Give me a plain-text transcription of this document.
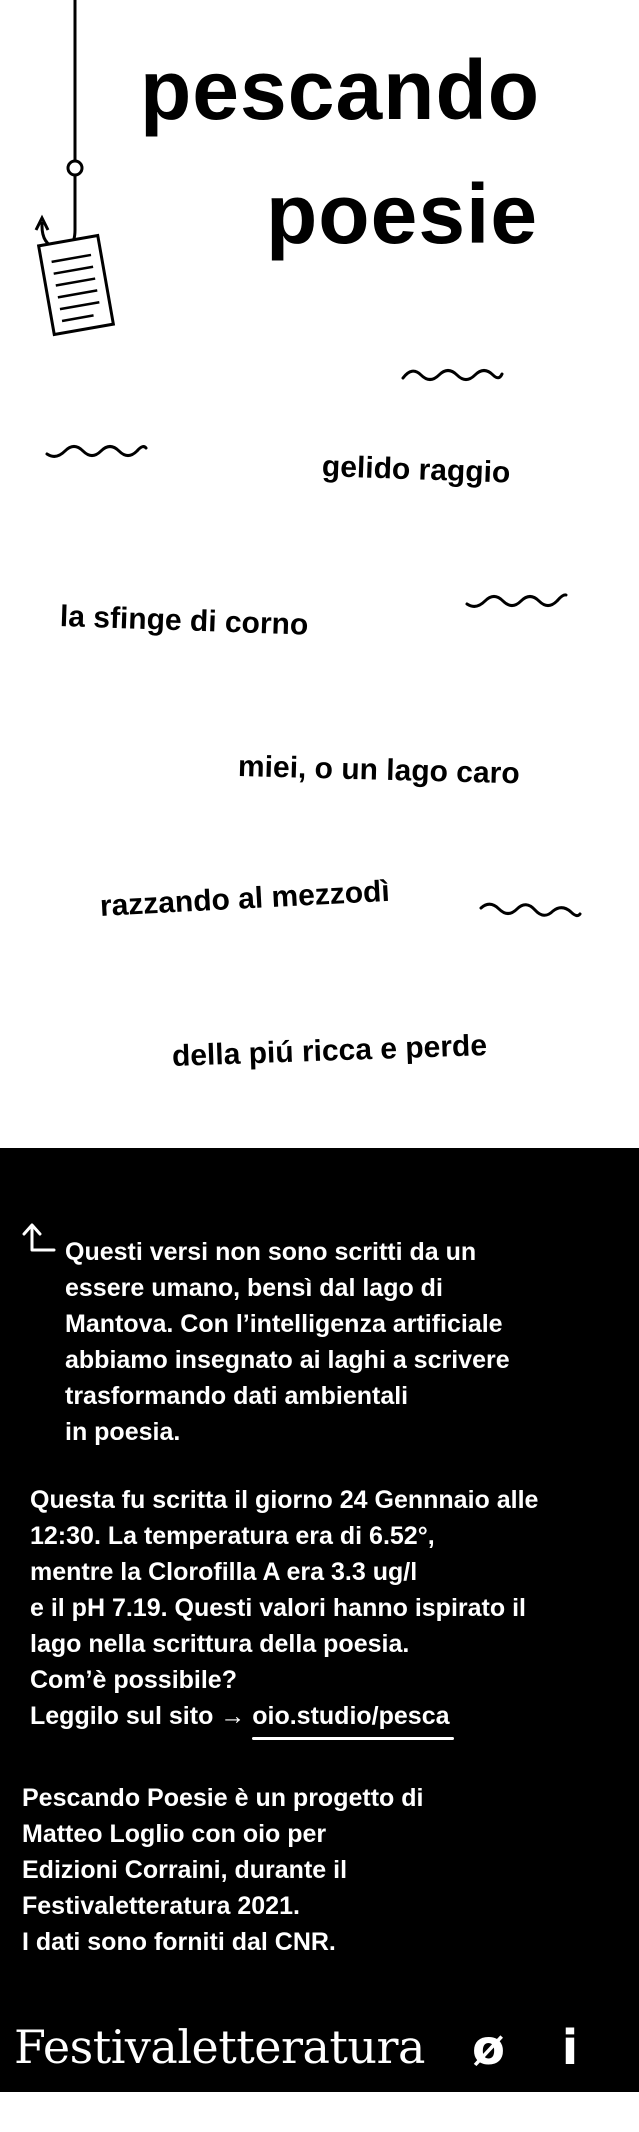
pescando
poesie
gelido raggio
la sfinge di corno
miei, o un lago caro
razzando al mezzodì
della piú ricca e perde
Questi versi non sono scritti da un
essere umano, bensì dal lago di
Mantova. Con l’intelligenza artificiale
abbiamo insegnato ai laghi a scrivere
trasformando dati ambientali
in poesia.
Questa fu scritta il giorno 24 Gennnaio alle
12:30. La temperatura era di 6.52°,
mentre la Clorofilla A era 3.3 ug/l
e il pH 7.19. Questi valori hanno ispirato il
lago nella scrittura della poesia.
Com’è possibile?
Leggilo sul sito → oio.studio/pesca
Pescando Poesie è un progetto di
Matteo Loglio con oio per
Edizioni Corraini, durante il
Festivaletteratura 2021.
I dati sono forniti dal CNR.
Festivaletteratura ø i o
